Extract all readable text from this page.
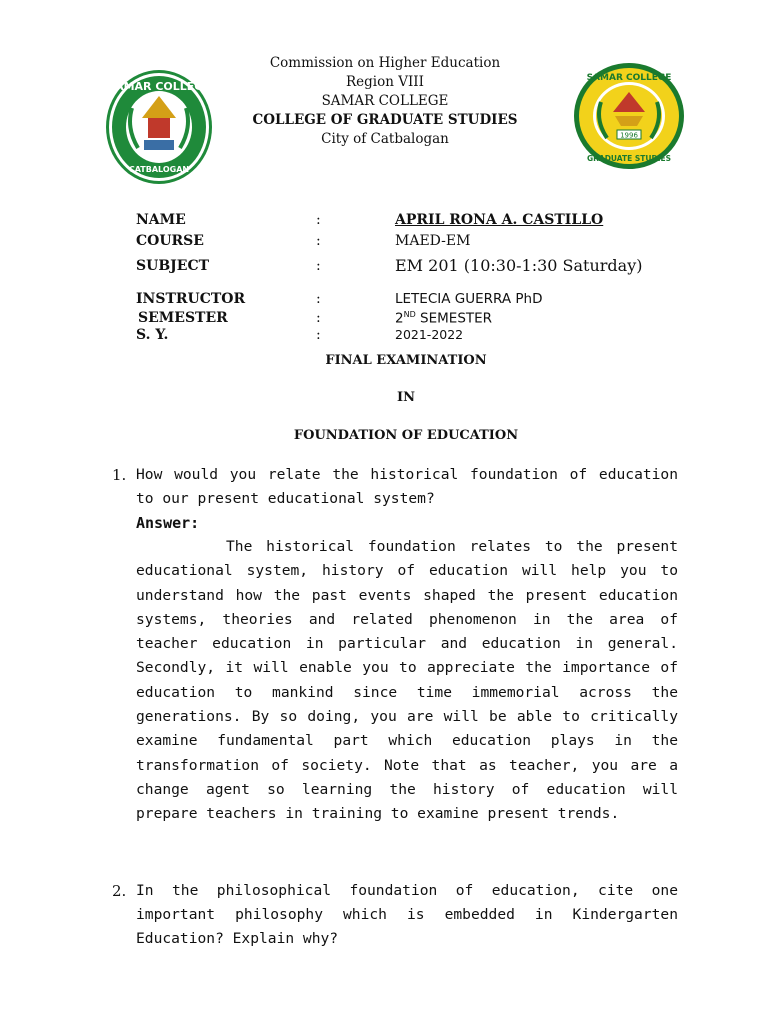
SAMAR COLLEGE
CATBALOGAN
Commission on Higher Education
Region VIII
SAMAR COLLEGE
COLLEGE OF GRADUATE STUDIES
City of Catbalogan
SAMAR COLLEGE
GRADUATE STUDIES
1996
NAME	:	APRIL RONA A. CASTILLO
COURSE	:	MAED-EM
SUBJECT	:	EM 201 (10:30-1:30 Saturday)
INSTRUCTOR	:	LETECIA GUERRA PhD
SEMESTER	:	2ND SEMESTER
S. Y.	:	2021-2022
FINAL EXAMINATION
IN
FOUNDATION OF EDUCATION
1. How would you relate the historical foundation of education to our present educational system?
Answer:
The historical foundation relates to the present educational system, history of education will help you to understand how the past events shaped the present education systems, theories and related phenomenon in the area of teacher education in particular and education in general. Secondly, it will enable you to appreciate the importance of education to mankind since time immemorial across the generations. By so doing, you are will be able to critically examine fundamental part which education plays in the transformation of society. Note that as teacher, you are a change agent so learning the history of education will prepare teachers in training to examine present trends.
2. In the philosophical foundation of education, cite one important philosophy which is embedded in Kindergarten Education? Explain why?
